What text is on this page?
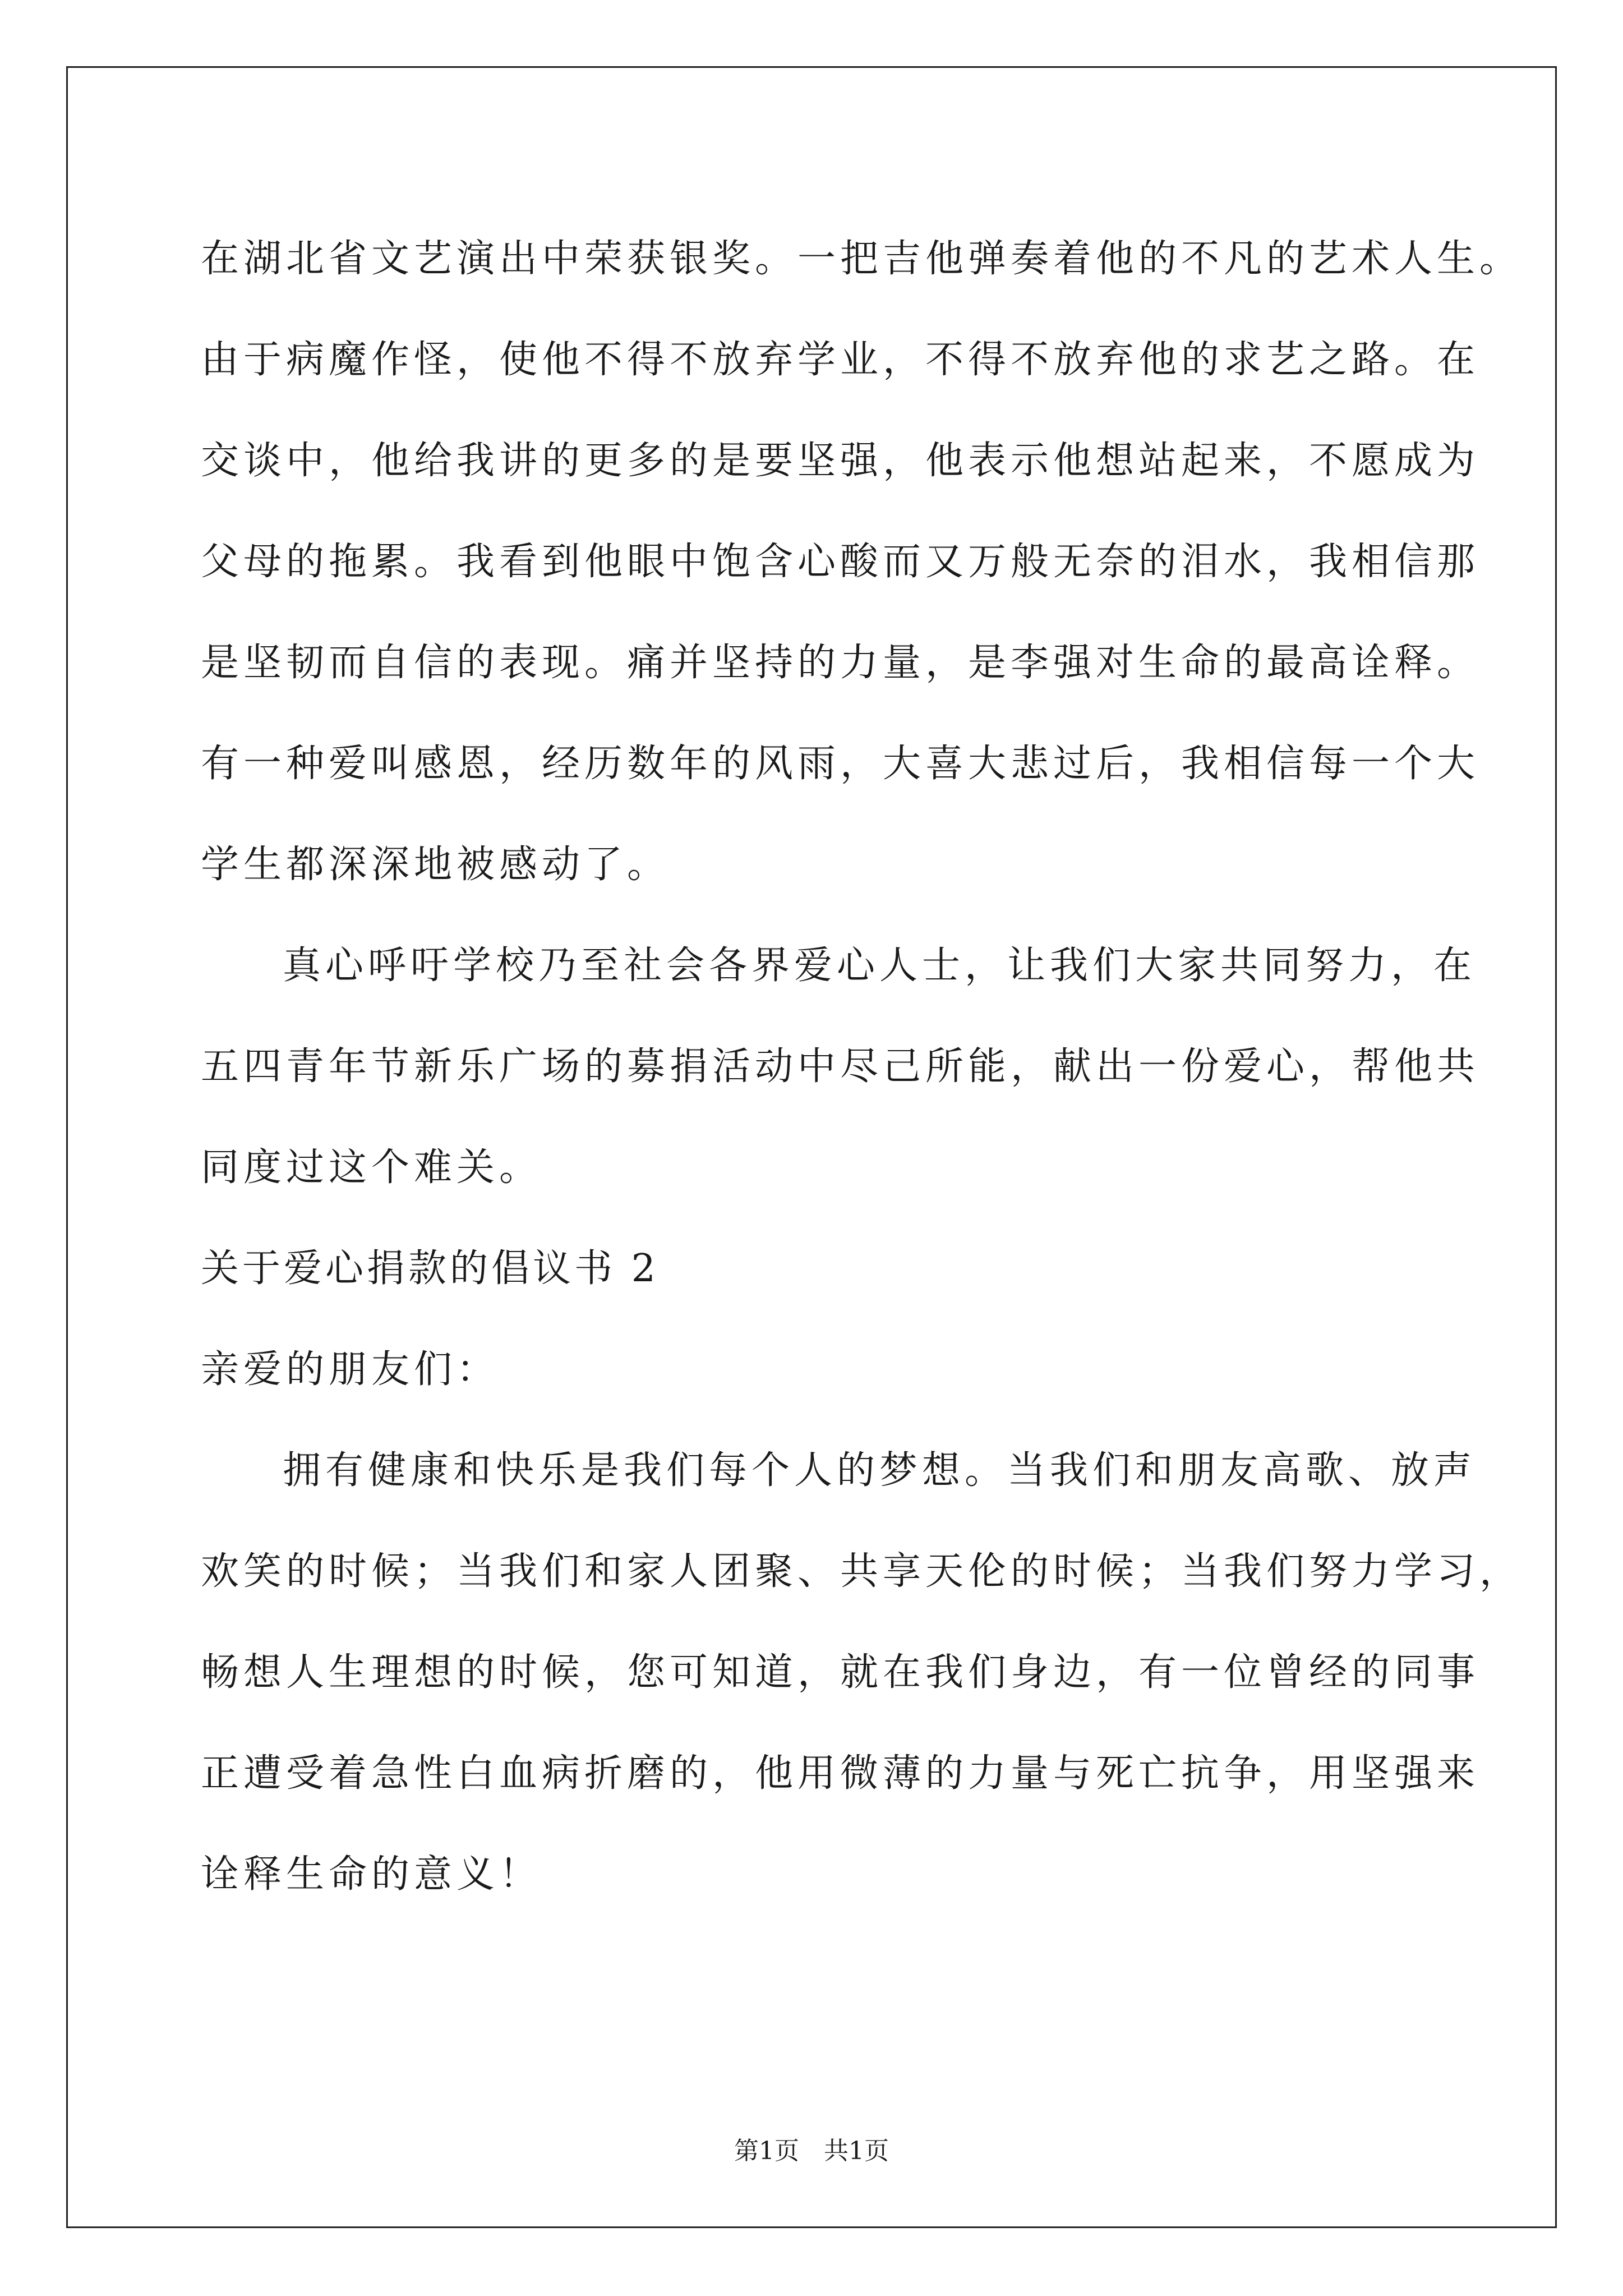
在湖北省文艺演出中荣获银奖。一把吉他弹奏着他的不凡的艺术人生。
由于病魔作怪，使他不得不放弃学业，不得不放弃他的求艺之路。在
交谈中，他给我讲的更多的是要坚强，他表示他想站起来，不愿成为
父母的拖累。我看到他眼中饱含心酸而又万般无奈的泪水，我相信那
是坚韧而自信的表现。痛并坚持的力量，是李强对生命的最高诠释。
有一种爱叫感恩，经历数年的风雨，大喜大悲过后，我相信每一个大
学生都深深地被感动了。
真心呼吁学校乃至社会各界爱心人士，让我们大家共同努力，在
五四青年节新乐广场的募捐活动中尽己所能，献出一份爱心，帮他共
同度过这个难关。
关于爱心捐款的倡议书 2
亲爱的朋友们：
拥有健康和快乐是我们每个人的梦想。当我们和朋友高歌、放声
欢笑的时候；当我们和家人团聚、共享天伦的时候；当我们努力学习，
畅想人生理想的时候，您可知道，就在我们身边，有一位曾经的同事
正遭受着急性白血病折磨的，他用微薄的力量与死亡抗争，用坚强来
诠释生命的意义！
第1页 共1页
